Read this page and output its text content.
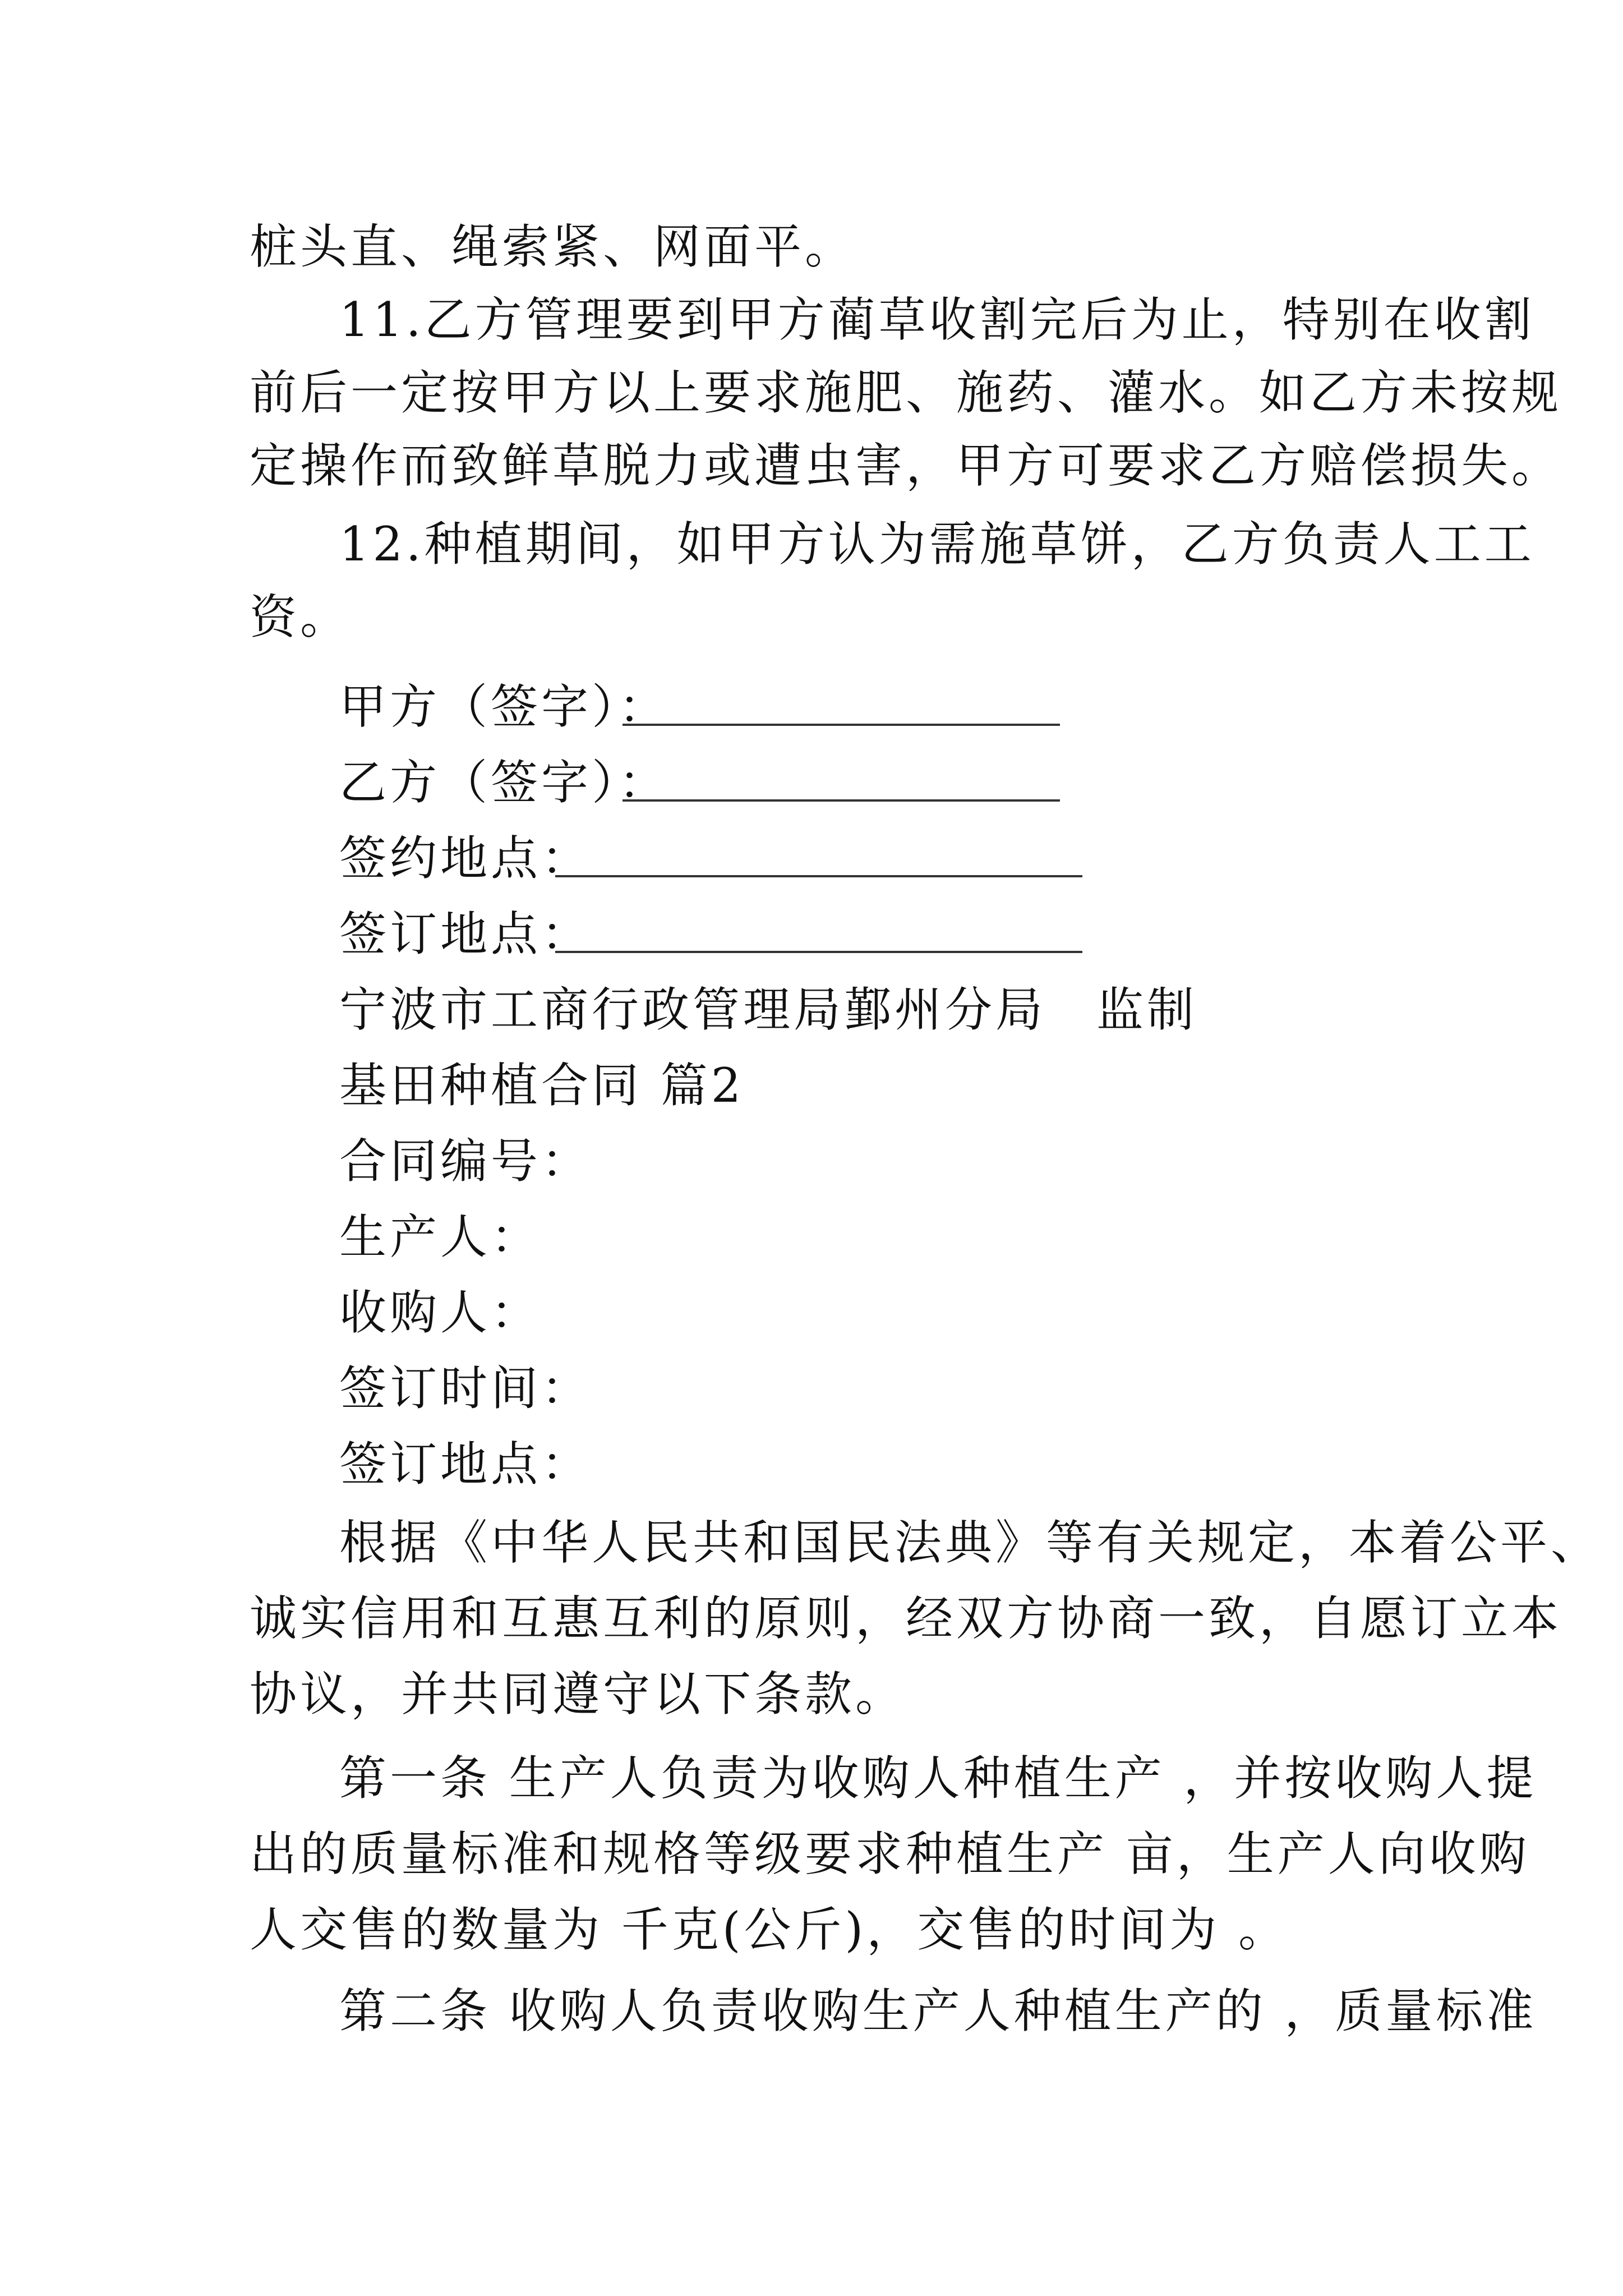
桩头直、绳索紧、网面平。
11.乙方管理要到甲方蔺草收割完后为止，特别在收割
前后一定按甲方以上要求施肥、施药、灌水。如乙方未按规
定操作而致鲜草脱力或遭虫害，甲方可要求乙方赔偿损失。
12.种植期间，如甲方认为需施草饼，乙方负责人工工
资。
甲方（签字）：
乙方（签字）：
签约地点：
签订地点：
宁波市工商行政管理局鄞州分局　监制
基田种植合同 篇2
合同编号：
生产人：
收购人：
签订时间：
签订地点：
根据《中华人民共和国民法典》等有关规定，本着公平、
诚实信用和互惠互利的原则，经双方协商一致，自愿订立本
协议，并共同遵守以下条款。
第一条 生产人负责为收购人种植生产 ，并按收购人提
出的质量标准和规格等级要求种植生产 亩，生产人向收购
人交售的数量为 千克(公斤)，交售的时间为 。
第二条 收购人负责收购生产人种植生产的 ，质量标准
